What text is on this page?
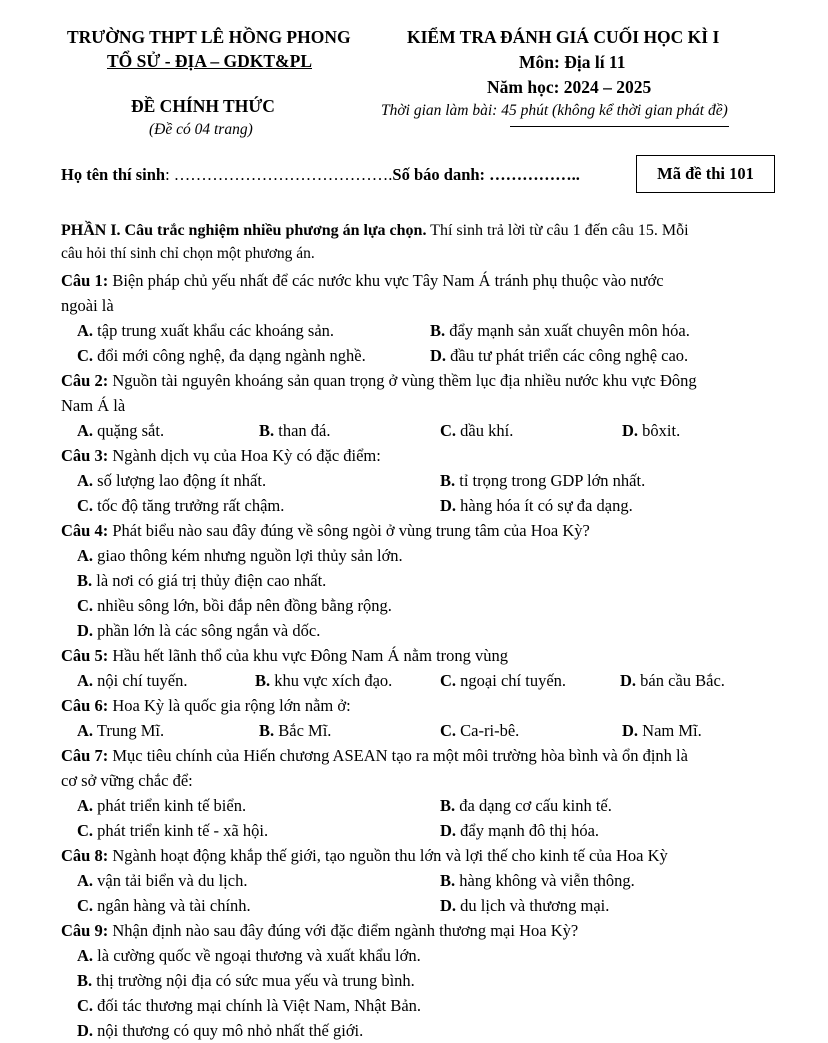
TRƯỜNG THPT LÊ HỒNG PHONG
TỔ SỬ - ĐỊA – GDKT&PL
KIỂM TRA ĐÁNH GIÁ CUỐI HỌC KÌ I
Môn: Địa lí 11
Năm học: 2024 – 2025
ĐỀ CHÍNH THỨC
(Đề có 04 trang)
Thời gian làm bài: 45 phút (không kể thời gian phát đề)
Họ tên thí sinh: ………………………………….Số báo danh: ……………..	Mã đề thi 101
PHẦN I. Câu trắc nghiệm nhiều phương án lựa chọn. Thí sinh trả lời từ câu 1 đến câu 15. Mỗi
câu hỏi thí sinh chỉ chọn một phương án.
Câu 1: Biện pháp chủ yếu nhất để các nước khu vực Tây Nam Á tránh phụ thuộc vào nước
ngoài là
A. tập trung xuất khẩu các khoáng sản.	B. đẩy mạnh sản xuất chuyên môn hóa.
C. đổi mới công nghệ, đa dạng ngành nghề.	D. đầu tư phát triển các công nghệ cao.
Câu 2: Nguồn tài nguyên khoáng sản quan trọng ở vùng thềm lục địa nhiều nước khu vực Đông
Nam Á là
A. quặng sắt.	B. than đá.	C. dầu khí.	D. bôxit.
Câu 3: Ngành dịch vụ của Hoa Kỳ có đặc điểm:
A. số lượng lao động ít nhất.	B. tỉ trọng trong GDP lớn nhất.
C. tốc độ tăng trưởng rất chậm.	D. hàng hóa ít có sự đa dạng.
Câu 4: Phát biểu nào sau đây đúng về sông ngòi ở vùng trung tâm của Hoa Kỳ?
A. giao thông kém nhưng nguồn lợi thủy sản lớn.
B. là nơi có giá trị thủy điện cao nhất.
C. nhiều sông lớn, bồi đắp nên đồng bằng rộng.
D. phần lớn là các sông ngắn và dốc.
Câu 5: Hầu hết lãnh thổ của khu vực Đông Nam Á nằm trong vùng
A. nội chí tuyến.	B. khu vực xích đạo.	C. ngoại chí tuyến.	D. bán cầu Bắc.
Câu 6: Hoa Kỳ là quốc gia rộng lớn nằm ở:
A. Trung Mĩ.	B. Bắc Mĩ.	C. Ca-ri-bê.	D. Nam Mĩ.
Câu 7: Mục tiêu chính của Hiến chương ASEAN tạo ra một môi trường hòa bình và ổn định là
cơ sở vững chắc để:
A. phát triển kinh tế biển.	B. đa dạng cơ cấu kinh tế.
C. phát triển kinh tế - xã hội.	D. đẩy mạnh đô thị hóa.
Câu 8: Ngành hoạt động khắp thế giới, tạo nguồn thu lớn và lợi thế cho kinh tế của Hoa Kỳ
A. vận tải biển và du lịch.	B. hàng không và viễn thông.
C. ngân hàng và tài chính.	D. du lịch và thương mại.
Câu 9: Nhận định nào sau đây đúng với đặc điểm ngành thương mại Hoa Kỳ?
A. là cường quốc về ngoại thương và xuất khẩu lớn.
B. thị trường nội địa có sức mua yếu và trung bình.
C. đối tác thương mại chính là Việt Nam, Nhật Bản.
D. nội thương có quy mô nhỏ nhất thế giới.
